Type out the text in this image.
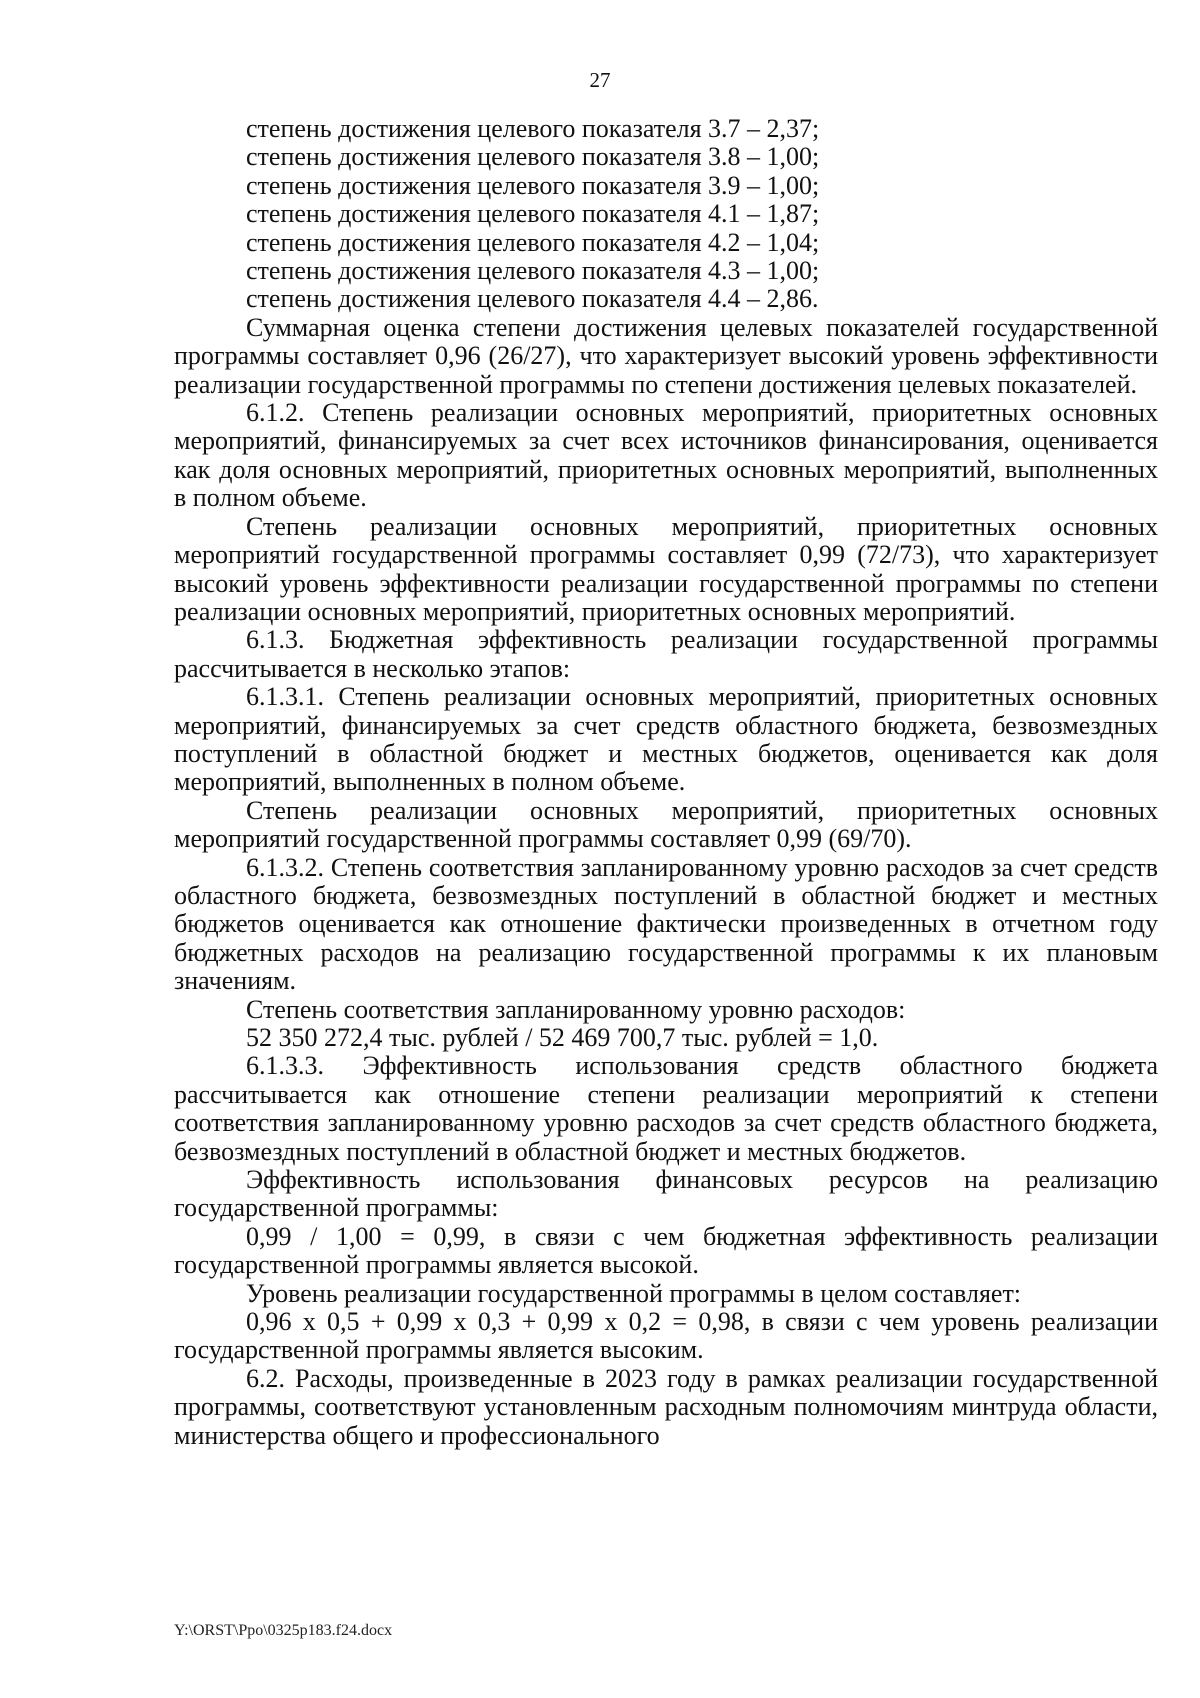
27

степень достижения целевого показателя 3.7 – 2,37;

степень достижения целевого показателя 3.8 – 1,00;

степень достижения целевого показателя 3.9 – 1,00;

степень достижения целевого показателя 4.1 – 1,87;

степень достижения целевого показателя 4.2 – 1,04;

степень достижения целевого показателя 4.3 – 1,00;

степень достижения целевого показателя 4.4 – 2,86.

Суммарная оценка степени достижения целевых показателей государственной программы составляет 0,96 (26/27), что характеризует высокий уровень эффективности реализации государственной программы по степени достижения целевых показателей.

6.1.2. Степень реализации основных мероприятий, приоритетных основных мероприятий, финансируемых за счет всех источников финансирования, оценивается как доля основных мероприятий, приоритетных основных мероприятий, выполненных в полном объеме.

Степень реализации основных мероприятий, приоритетных основных мероприятий государственной программы составляет 0,99 (72/73), что характеризует высокий уровень эффективности реализации государственной программы по степени реализации основных мероприятий, приоритетных основных мероприятий.

6.1.3. Бюджетная эффективность реализации государственной программы рассчитывается в несколько этапов:

6.1.3.1. Степень реализации основных мероприятий, приоритетных основных мероприятий, финансируемых за счет средств областного бюджета, безвозмездных поступлений в областной бюджет и местных бюджетов, оценивается как доля мероприятий, выполненных в полном объеме.

Степень реализации основных мероприятий, приоритетных основных мероприятий государственной программы составляет 0,99 (69/70).

6.1.3.2. Степень соответствия запланированному уровню расходов за счет средств областного бюджета, безвозмездных поступлений в областной бюджет и местных бюджетов оценивается как отношение фактически произведенных в отчетном году бюджетных расходов на реализацию государственной программы к их плановым значениям.

Степень соответствия запланированному уровню расходов:

52 350 272,4 тыс. рублей / 52 469 700,7 тыс. рублей = 1,0.

6.1.3.3. Эффективность использования средств областного бюджета рассчитывается как отношение степени реализации мероприятий к степени соответствия запланированному уровню расходов за счет средств областного бюджета, безвозмездных поступлений в областной бюджет и местных бюджетов.

Эффективность использования финансовых ресурсов на реализацию государственной программы:

0,99 / 1,00 = 0,99, в связи с чем бюджетная эффективность реализации государственной программы является высокой.

Уровень реализации государственной программы в целом составляет:

0,96 х 0,5 + 0,99 х 0,3 + 0,99 х 0,2 = 0,98, в связи с чем уровень реализации государственной программы является высоким.

6.2. Расходы, произведенные в 2023 году в рамках реализации государственной программы, соответствуют установленным расходным полномочиям минтруда области, министерства общего и профессионального

Y:\ORST\Ppo\0325p183.f24.docx
